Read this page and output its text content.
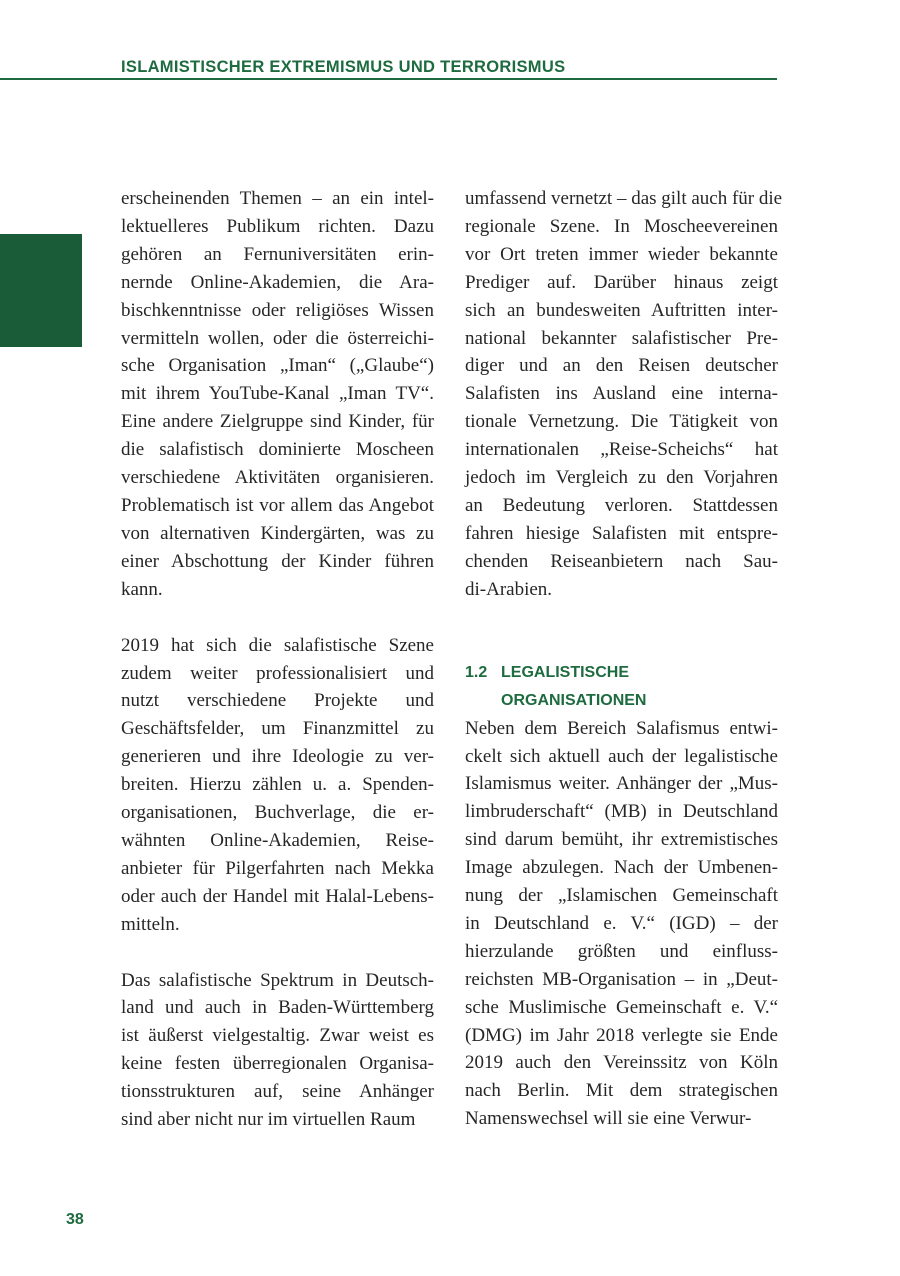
ISLAMISTISCHER EXTREMISMUS UND TERRORISMUS
erscheinenden Themen – an ein intel-
lektuelleres Publikum richten. Dazu
gehören an Fernuniversitäten erin-
nernde Online-Akademien, die Ara-
bischkenntnisse oder religiöses Wissen
vermitteln wollen, oder die österreichi-
sche Organisation „Iman“ („Glaube“)
mit ihrem YouTube-Kanal „Iman TV“.
Eine andere Zielgruppe sind Kinder, für
die salafistisch dominierte Moscheen
verschiedene Aktivitäten organisieren.
Problematisch ist vor allem das Angebot
von alternativen Kindergärten, was zu
einer Abschottung der Kinder führen
kann.
2019 hat sich die salafistische Szene
zudem weiter professionalisiert und
nutzt verschiedene Projekte und
Geschäftsfelder, um Finanzmittel zu
generieren und ihre Ideologie zu ver-
breiten. Hierzu zählen u. a. Spenden-
organisationen, Buchverlage, die er-
wähnten Online-Akademien, Reise-
anbieter für Pilgerfahrten nach Mekka
oder auch der Handel mit Halal-Lebens-
mitteln.
Das salafistische Spektrum in Deutsch-
land und auch in Baden-Württemberg
ist äußerst vielgestaltig. Zwar weist es
keine festen überregionalen Organisa-
tionsstrukturen auf, seine Anhänger
sind aber nicht nur im virtuellen Raum
umfassend vernetzt – das gilt auch für die
regionale Szene. In Moscheevereinen
vor Ort treten immer wieder bekannte
Prediger auf. Darüber hinaus zeigt
sich an bundesweiten Auftritten inter-
national bekannter salafistischer Pre-
diger und an den Reisen deutscher
Salafisten ins Ausland eine interna-
tionale Vernetzung. Die Tätigkeit von
internationalen „Reise-Scheichs“ hat
jedoch im Vergleich zu den Vorjahren
an Bedeutung verloren. Stattdessen
fahren hiesige Salafisten mit entspre-
chenden Reiseanbietern nach Sau-
di-Arabien.
1.2 LEGALISTISCHE
ORGANISATIONEN
Neben dem Bereich Salafismus entwi-
ckelt sich aktuell auch der legalistische
Islamismus weiter. Anhänger der „Mus-
limbruderschaft“ (MB) in Deutschland
sind darum bemüht, ihr extremistisches
Image abzulegen. Nach der Umbenen-
nung der „Islamischen Gemeinschaft
in Deutschland e. V.“ (IGD) – der
hierzulande größten und einfluss-
reichsten MB-Organisation – in „Deut-
sche Muslimische Gemeinschaft e. V.“
(DMG) im Jahr 2018 verlegte sie Ende
2019 auch den Vereinssitz von Köln
nach Berlin. Mit dem strategischen
Namenswechsel will sie eine Verwur-
38
